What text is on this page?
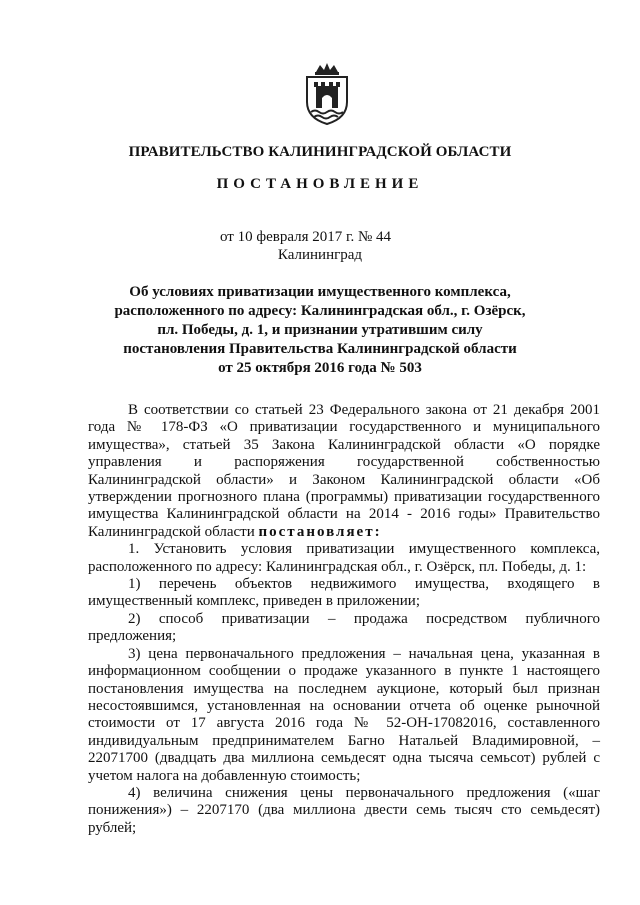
ПРАВИТЕЛЬСТВО КАЛИНИНГРАДСКОЙ ОБЛАСТИ
ПОСТАНОВЛЕНИЕ
от 10 февраля 2017 г. № 44
Калининград
Об условиях приватизации имущественного комплекса,
расположенного по адресу: Калининградская обл., г. Озёрск,
пл. Победы, д. 1, и признании утратившим силу
постановления Правительства Калининградской области
от 25 октября 2016 года № 503

В соответствии со статьей 23 Федерального закона от 21 декабря 2001 года № 178-ФЗ «О приватизации государственного и муниципального имущества», статьей 35 Закона Калининградской области «О порядке управления и распоряжения государственной собственностью Калининградской области» и Законом Калининградской области «Об утверждении прогнозного плана (программы) приватизации государственного имущества Калининградской области на 2014 - 2016 годы» Правительство Калининградской области постановляет:

1. Установить условия приватизации имущественного комплекса, расположенного по адресу: Калининградская обл., г. Озёрск, пл. Победы, д. 1:

1) перечень объектов недвижимого имущества, входящего в имущественный комплекс, приведен в приложении;

2) способ приватизации – продажа посредством публичного предложения;

3) цена первоначального предложения – начальная цена, указанная в информационном сообщении о продаже указанного в пункте 1 настоящего постановления имущества на последнем аукционе, который был признан несостоявшимся, установленная на основании отчета об оценке рыночной стоимости от 17 августа 2016 года № 52-ОН-17082016, составленного индивидуальным предпринимателем Багно Натальей Владимировной, – 22071700 (двадцать два миллиона семьдесят одна тысяча семьсот) рублей с учетом налога на добавленную стоимость;

4) величина снижения цены первоначального предложения («шаг понижения») – 2207170 (два миллиона двести семь тысяч сто семьдесят) рублей;
